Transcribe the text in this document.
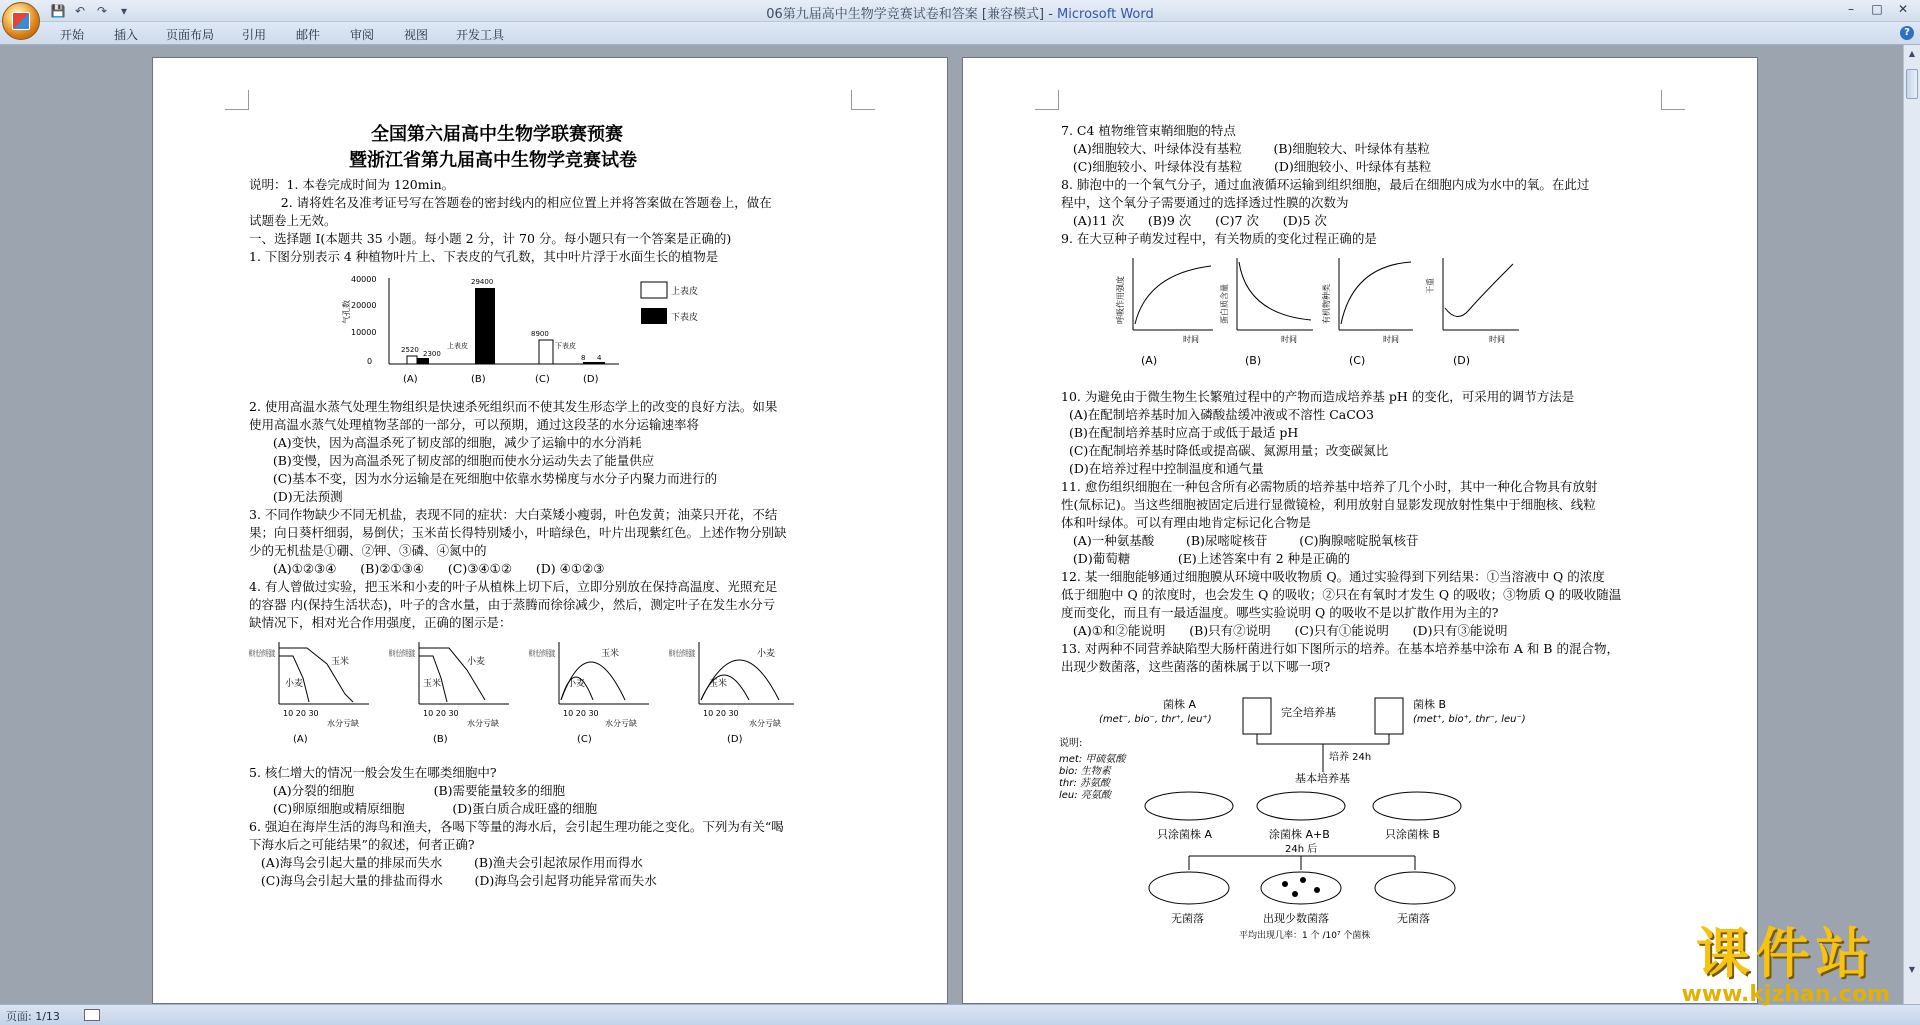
💾 ↶ ↷	▾	06第九届高中生物学竞赛试卷和答案 [兼容模式] - Microsoft Word	–	□	✕
开始 插入 页面布局 引用 邮件 审阅 视图 开发工具	?
全国第六届高中生物学联赛预赛
暨浙江省第九届高中生物学竞赛试卷
说明：1. 本卷完成时间为 120min。
2. 请将姓名及准考证号写在答题卷的密封线内的相应位置上并将答案做在答题卷上，做在
试题卷上无效。
一、选择题 I(本题共 35 小题。每小题 2 分，计 70 分。每小题只有一个答案是正确的)
1. 下图分别表示 4 种植物叶片上、下表皮的气孔数，其中叶片浮于水面生长的植物是
40000
20000
10000
0
气孔数
2520 2300
29400
上表皮
8900
下表皮
8 4
(A)	(B)	(C)	(D)
上表皮
下表皮
2. 使用高温水蒸气处理生物组织是快速杀死组织而不使其发生形态学上的改变的良好方法。如果
使用高温水蒸气处理植物茎部的一部分，可以预期，通过这段茎的水分运输速率将
(A)变快，因为高温杀死了韧皮部的细胞，减少了运输中的水分消耗
(B)变慢，因为高温杀死了韧皮部的细胞而使水分运动失去了能量供应
(C)基本不变，因为水分运输是在死细胞中依靠水势梯度与水分子内聚力而进行的
(D)无法预测
3. 不同作物缺少不同无机盐，表现不同的症状：大白菜矮小瘦弱，叶色发黄；油菜只开花，不结
果；向日葵杆细弱，易倒伏；玉米苗长得特别矮小，叶暗绿色，叶片出现紫红色。上述作物分别缺
少的无机盐是①硼、②钾、③磷、④氮中的
(A)①②③④      (B)②①③④      (C)③④①②      (D) ④①②③
4. 有人曾做过实验，把玉米和小麦的叶子从植株上切下后，立即分别放在保持高温度、光照充足
的容器 内(保持生活状态)，叶子的含水量，由于蒸腾而徐徐减少，然后，测定叶子在发生水分亏
缺情况下，相对光合作用强度，正确的图示是：
相对光合作用强度
玉米
小麦
10 20 30
水分亏缺
(A)
相对光合作用强度
小麦
玉米
10 20 30
水分亏缺
(B)
相对光合作用强度 玉米
小麦
10 20 30
水分亏缺
(C)
相对光合作用强度	小麦
玉米
10 20 30
水分亏缺
(D)
5. 核仁增大的情况一般会发生在哪类细胞中?
(A)分裂的细胞                    (B)需要能量较多的细胞
(C)卵原细胞或精原细胞            (D)蛋白质合成旺盛的细胞
6. 强迫在海岸生活的海鸟和渔夫，各喝下等量的海水后，会引起生理功能之变化。下列为有关“喝
下海水后之可能结果”的叙述，何者正确?
(A)海鸟会引起大量的排尿而失水        (B)渔夫会引起浓尿作用而得水
(C)海鸟会引起大量的排盐而得水        (D)海鸟会引起肾功能异常而失水
7. C4 植物维管束鞘细胞的特点
(A)细胞较大、叶绿体没有基粒        (B)细胞较大、叶绿体有基粒
(C)细胞较小、叶绿体没有基粒        (D)细胞较小、叶绿体有基粒
8. 肺泡中的一个氧气分子，通过血液循环运输到组织细胞，最后在细胞内成为水中的氧。在此过
程中，这个氧分子需要通过的选择透过性膜的次数为
(A)11 次      (B)9 次      (C)7 次      (D)5 次
9. 在大豆种子萌发过程中，有关物质的变化过程正确的是
呼吸作用强度
时间
(A)
蛋白质含量
时间
(B)
有机物种类
时间
(C)
干重
时间
(D)
10. 为避免由于微生物生长繁殖过程中的产物而造成培养基 pH 的变化，可采用的调节方法是
(A)在配制培养基时加入磷酸盐缓冲液或不溶性 CaCO3
(B)在配制培养基时应高于或低于最适 pH
(C)在配制培养基时降低或提高碳、氮源用量；改变碳氮比
(D)在培养过程中控制温度和通气量
11. 愈伤组织细胞在一种包含所有必需物质的培养基中培养了几个小时，其中一种化合物具有放射
性(氚标记)。当这些细胞被固定后进行显微镜检，利用放射自显影发现放射性集中于细胞核、线粒
体和叶绿体。可以有理由地肯定标记化合物是
(A)一种氨基酸        (B)尿嘧啶核苷        (C)胸腺嘧啶脱氧核苷
(D)葡萄糖            (E)上述答案中有 2 种是正确的
12. 某一细胞能够通过细胞膜从环境中吸收物质 Q。通过实验得到下列结果：①当溶液中 Q 的浓度
低于细胞中 Q 的浓度时，也会发生 Q 的吸收；②只在有氧时才发生 Q 的吸收；③物质 Q 的吸收随温
度而变化，而且有一最适温度。哪些实验说明 Q 的吸收不是以扩散作用为主的?
(A)①和②能说明      (B)只有②说明      (C)只有①能说明      (D)只有③能说明
13. 对两种不同营养缺陷型大肠杆菌进行如下图所示的培养。在基本培养基中涂布 A 和 B 的混合物，
出现少数菌落，这些菌落的菌株属于以下哪一项?
菌株 A
(met⁻, bio⁻, thr⁺, leu⁺)
完全培养基
菌株 B
(met⁺, bio⁺, thr⁻, leu⁻)
培养 24h
基本培养基
说明:
met: 甲硫氨酸
bio: 生物素
thr: 苏氨酸
leu: 亮氨酸
只涂菌株 A	涂菌株 A+B	只涂菌株 B
24h 后
无菌落	出现少数菌落	无菌落
平均出现几率：1 个 /10⁷ 个菌株
▲
▼
课件站
www.kjzhan.com
页面: 1/13
